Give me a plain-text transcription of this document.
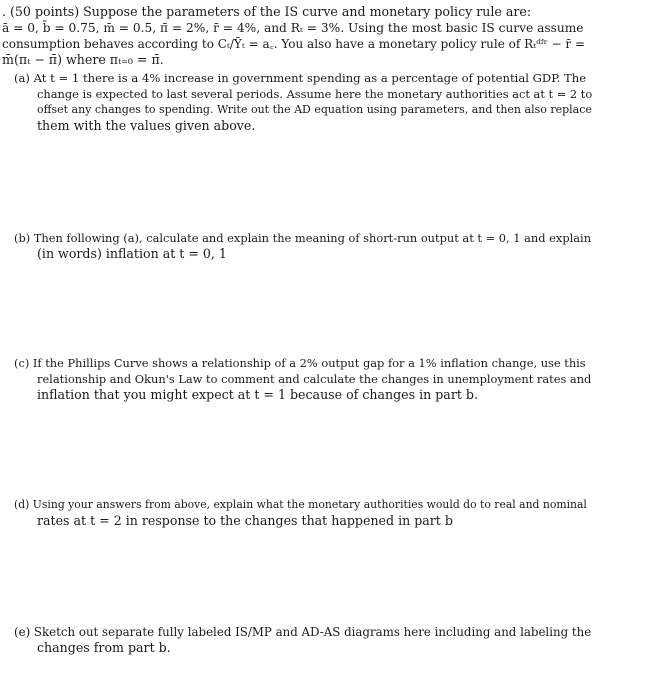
. (50 points) Suppose the parameters of the IS curve and monetary policy rule are:
ā = 0, b̄ = 0.75, m̄ = 0.5, π̄ = 2%, r̄ = 4%, and Rₜ = 3%. Using the most basic IS curve assume
consumption behaves according to Cₜ/Ȳₜ = a꜀. You also have a monetary policy rule of Rₜᵈᶠʳ − r̄ =
m̄(πₜ − π̄) where πₜ₌₀ = π̄.
(a) At t = 1 there is a 4% increase in government spending as a percentage of potential GDP. The
change is expected to last several periods. Assume here the monetary authorities act at t = 2 to
offset any changes to spending. Write out the AD equation using parameters, and then also replace
them with the values given above.
(b) Then following (a), calculate and explain the meaning of short-run output at t = 0, 1 and explain
(in words) inflation at t = 0, 1
(c) If the Phillips Curve shows a relationship of a 2% output gap for a 1% inflation change, use this
relationship and Okun's Law to comment and calculate the changes in unemployment rates and
inflation that you might expect at t = 1 because of changes in part b.
(d) Using your answers from above, explain what the monetary authorities would do to real and nominal
rates at t = 2 in response to the changes that happened in part b
(e) Sketch out separate fully labeled IS/MP and AD-AS diagrams here including and labeling the
changes from part b.
